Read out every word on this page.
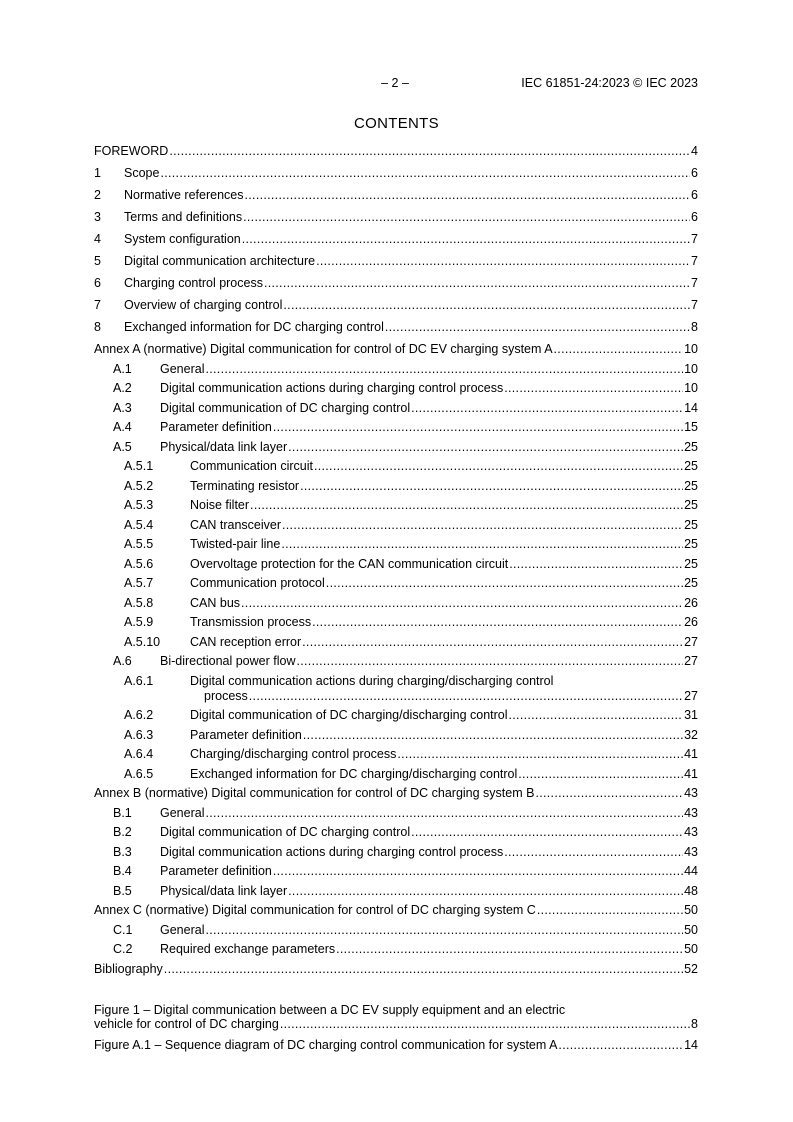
– 2 –	IEC 61851-24:2023 © IEC 2023
CONTENTS
FOREWORD .....	4
1	Scope .....	6
2	Normative references .....	6
3	Terms and definitions .....	6
4	System configuration .....	7
5	Digital communication architecture .....	7
6	Charging control process .....	7
7	Overview of charging control .....	7
8	Exchanged information for DC charging control .....	8
Annex A (normative) Digital communication for control of DC EV charging system A .....	10
A.1	General .....	10
A.2	Digital communication actions during charging control process .....	10
A.3	Digital communication of DC charging control .....	14
A.4	Parameter definition .....	15
A.5	Physical/data link layer .....	25
A.5.1	Communication circuit .....	25
A.5.2	Terminating resistor .....	25
A.5.3	Noise filter .....	25
A.5.4	CAN transceiver .....	25
A.5.5	Twisted-pair line .....	25
A.5.6	Overvoltage protection for the CAN communication circuit .....	25
A.5.7	Communication protocol .....	25
A.5.8	CAN bus .....	26
A.5.9	Transmission process .....	26
A.5.10	CAN reception error .....	27
A.6	Bi-directional power flow .....	27
A.6.1	Digital communication actions during charging/discharging control
process .....	27
A.6.2	Digital communication of DC charging/discharging control .....	31
A.6.3	Parameter definition .....	32
A.6.4	Charging/discharging control process .....	41
A.6.5	Exchanged information for DC charging/discharging control .....	41
Annex B (normative) Digital communication for control of DC charging system B .....	43
B.1	General .....	43
B.2	Digital communication of DC charging control .....	43
B.3	Digital communication actions during charging control process .....	43
B.4	Parameter definition .....	44
B.5	Physical/data link layer .....	48
Annex C (normative) Digital communication for control of DC charging system C .....	50
C.1	General .....	50
C.2	Required exchange parameters .....	50
Bibliography .....	52
Figure 1 – Digital communication between a DC EV supply equipment and an electric
vehicle for control of DC charging .....	8
Figure A.1 – Sequence diagram of DC charging control communication for system A .....	14
